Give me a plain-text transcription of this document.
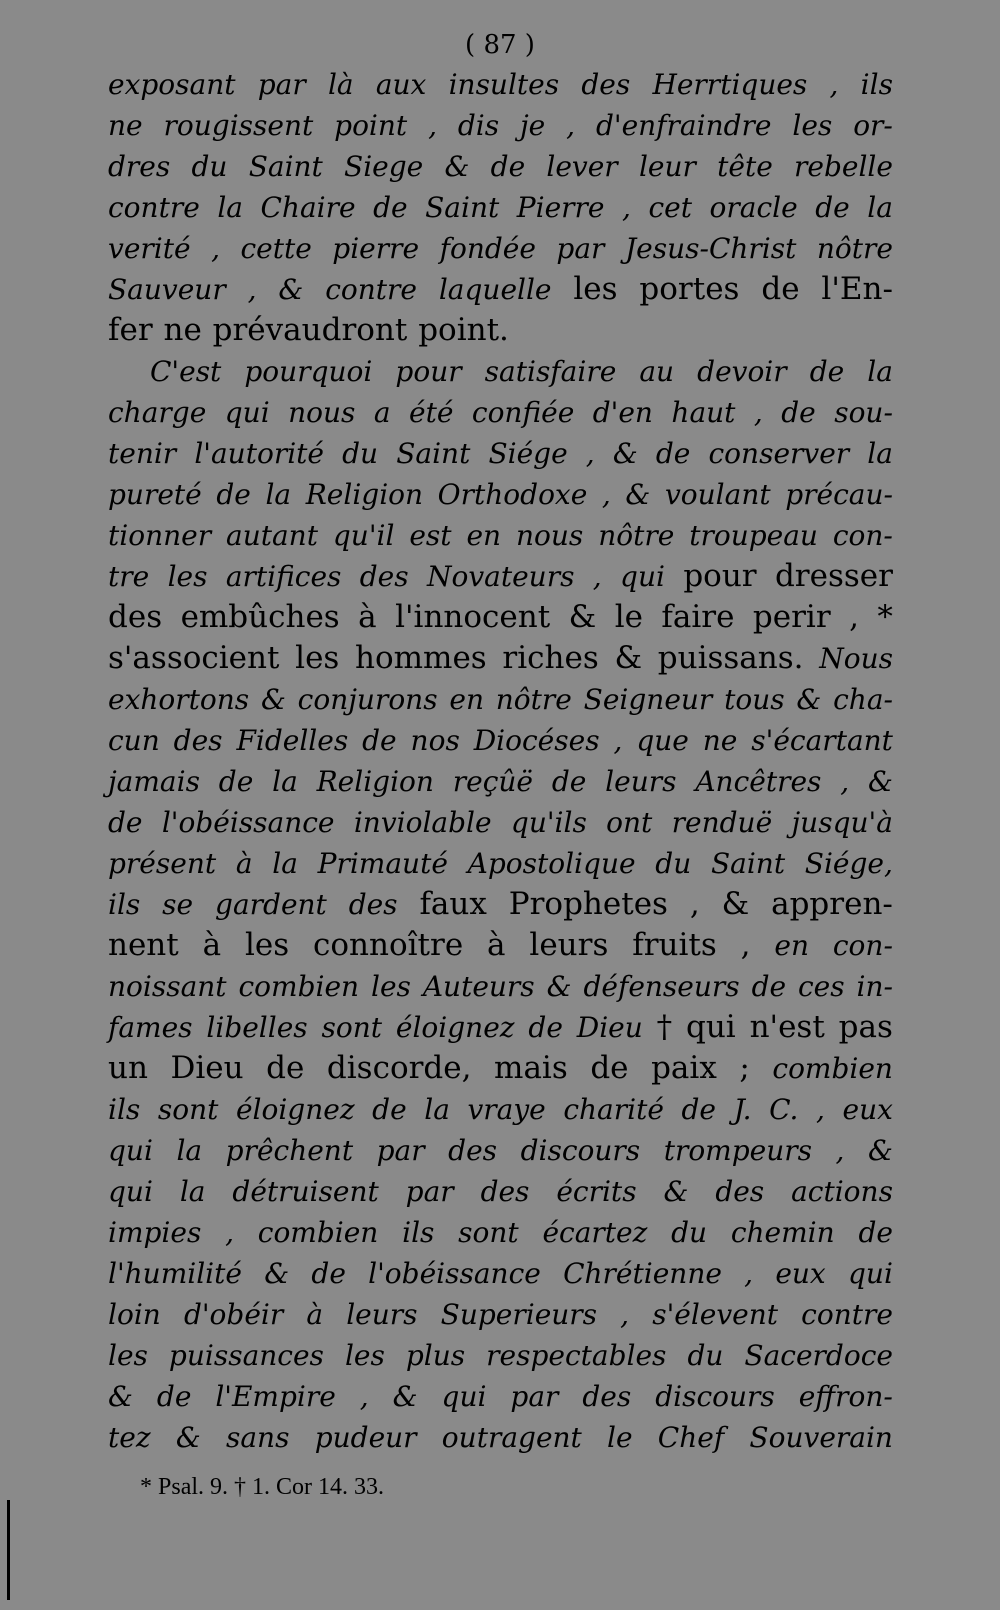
( 87 )
exposant par là aux insultes des Herrtiques , ils
ne rougissent point , dis je , d'enfraindre les or-
dres du Saint Siege & de lever leur tête rebelle
contre la Chaire de Saint Pierre , cet oracle de la
verité , cette pierre fondée par Jesus-Christ nôtre
Sauveur , & contre laquelle les portes de l'En-
fer ne prévaudront point.
C'est pourquoi pour satisfaire au devoir de la
charge qui nous a été confiée d'en haut , de sou-
tenir l'autorité du Saint Siége , & de conserver la
pureté de la Religion Orthodoxe , & voulant précau-
tionner autant qu'il est en nous nôtre troupeau con-
tre les artifices des Novateurs , qui pour dresser
des embûches à l'innocent & le faire perir , *
s'associent les hommes riches & puissans. Nous
exhortons & conjurons en nôtre Seigneur tous & cha-
cun des Fidelles de nos Diocéses , que ne s'écartant
jamais de la Religion reçûë de leurs Ancêtres , &
de l'obéissance inviolable qu'ils ont renduë jusqu'à
présent à la Primauté Apostolique du Saint Siége,
ils se gardent des faux Prophetes , & appren-
nent à les connoître à leurs fruits , en con-
noissant combien les Auteurs & défenseurs de ces in-
fames libelles sont éloignez de Dieu † qui n'est pas
un Dieu de discorde, mais de paix ; combien
ils sont éloignez de la vraye charité de J. C. , eux
qui la prêchent par des discours trompeurs , &
qui la détruisent par des écrits & des actions
impies , combien ils sont écartez du chemin de
l'humilité & de l'obéissance Chrétienne , eux qui
loin d'obéir à leurs Superieurs , s'élevent contre
les puissances les plus respectables du Sacerdoce
& de l'Empire , & qui par des discours effron-
tez & sans pudeur outragent le Chef Souverain
* Psal. 9. † 1. Cor 14. 33.
